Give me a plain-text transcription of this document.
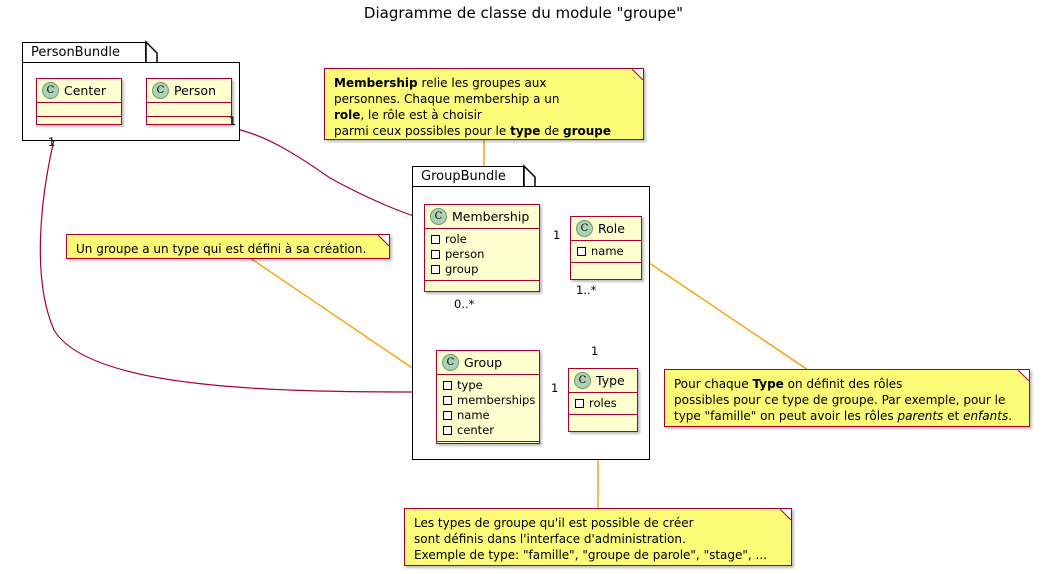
Diagramme de classe du module "groupe"
PersonBundle
C Center	C Person
GroupBundle
C Membership
role
person
group
C Role
name
C Group
type
memberships
name
center
C Type
roles
1
1
1
1..*
0..*
1
1
Membership relie les groupes aux
personnes. Chaque membership a un
role, le rôle est à choisir
parmi ceux possibles pour le type de groupe
Un groupe a un type qui est défini à sa création.
Pour chaque Type on définit des rôles
possibles pour ce type de groupe. Par exemple, pour le
type "famille" on peut avoir les rôles parents et enfants.
Les types de groupe qu'il est possible de créer
sont définis dans l'interface d'administration.
Exemple de type: "famille", "groupe de parole", "stage", ...
